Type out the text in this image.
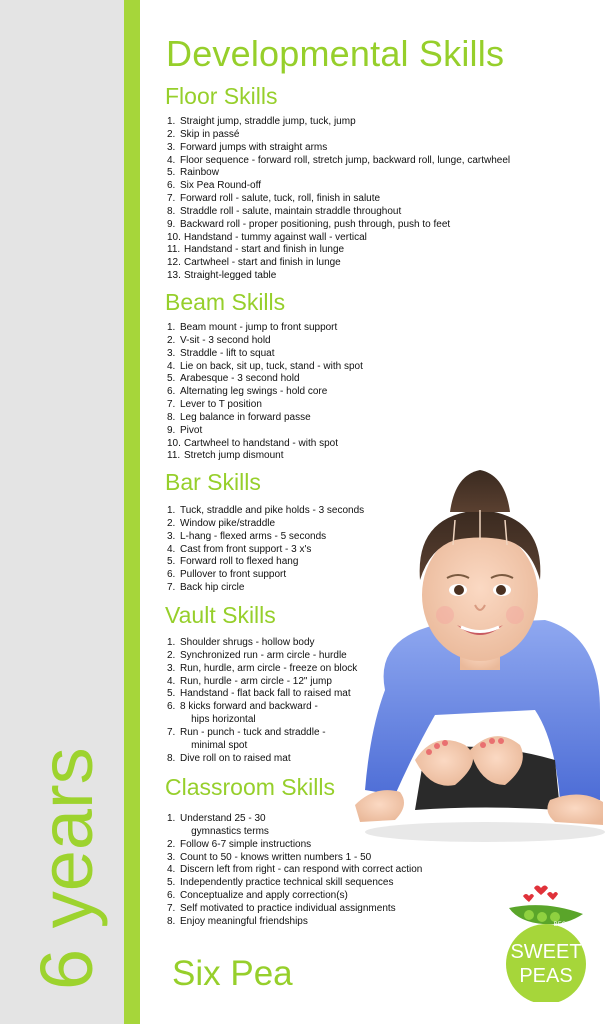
6 years
Developmental Skills
Floor Skills
1. Straight jump, straddle jump, tuck, jump
2. Skip in passé
3. Forward jumps with straight arms
4. Floor sequence - forward roll, stretch jump, backward roll, lunge, cartwheel
5. Rainbow
6. Six Pea Round-off
7. Forward roll - salute, tuck, roll, finish in salute
8. Straddle roll - salute, maintain straddle throughout
9. Backward roll - proper positioning, push through, push to feet
10. Handstand - tummy against wall - vertical
11. Handstand - start and finish in lunge
12. Cartwheel - start and finish in lunge
13. Straight-legged table
Beam Skills
1. Beam mount - jump to front support
2. V-sit - 3 second hold
3. Straddle - lift to squat
4. Lie on back, sit up, tuck, stand - with spot
5. Arabesque - 3 second hold
6. Alternating leg swings - hold core
7. Lever to T position
8. Leg balance in forward passe
9. Pivot
10. Cartwheel to handstand - with spot
11. Stretch jump dismount
Bar Skills
1. Tuck, straddle and pike holds - 3 seconds
2. Window pike/straddle
3. L-hang - flexed arms - 5 seconds
4. Cast from front support - 3 x's
5. Forward roll to flexed hang
6. Pullover to front support
7. Back hip circle
Vault Skills
1. Shoulder shrugs - hollow body
2. Synchronized run - arm circle - hurdle
3. Run, hurdle, arm circle - freeze on block
4. Run, hurdle - arm circle - 12" jump
5. Handstand - flat back fall to raised mat
6. 8 kicks forward and backward -
hips horizontal
7. Run - punch - tuck and straddle -
minimal spot
8. Dive roll on to raised mat
Classroom Skills
1. Understand 25 - 30
gymnastics terms
2. Follow 6-7 simple instructions
3. Count to 50 - knows written numbers 1 - 50
4. Discern left from right - can respond with correct action
5. Independently practice technical skill sequences
6. Conceptualize and apply correction(s)
7. Self motivated to practice individual assignments
8. Enjoy meaningful friendships
Six Pea
SWEET
PEAS
BEGIN
